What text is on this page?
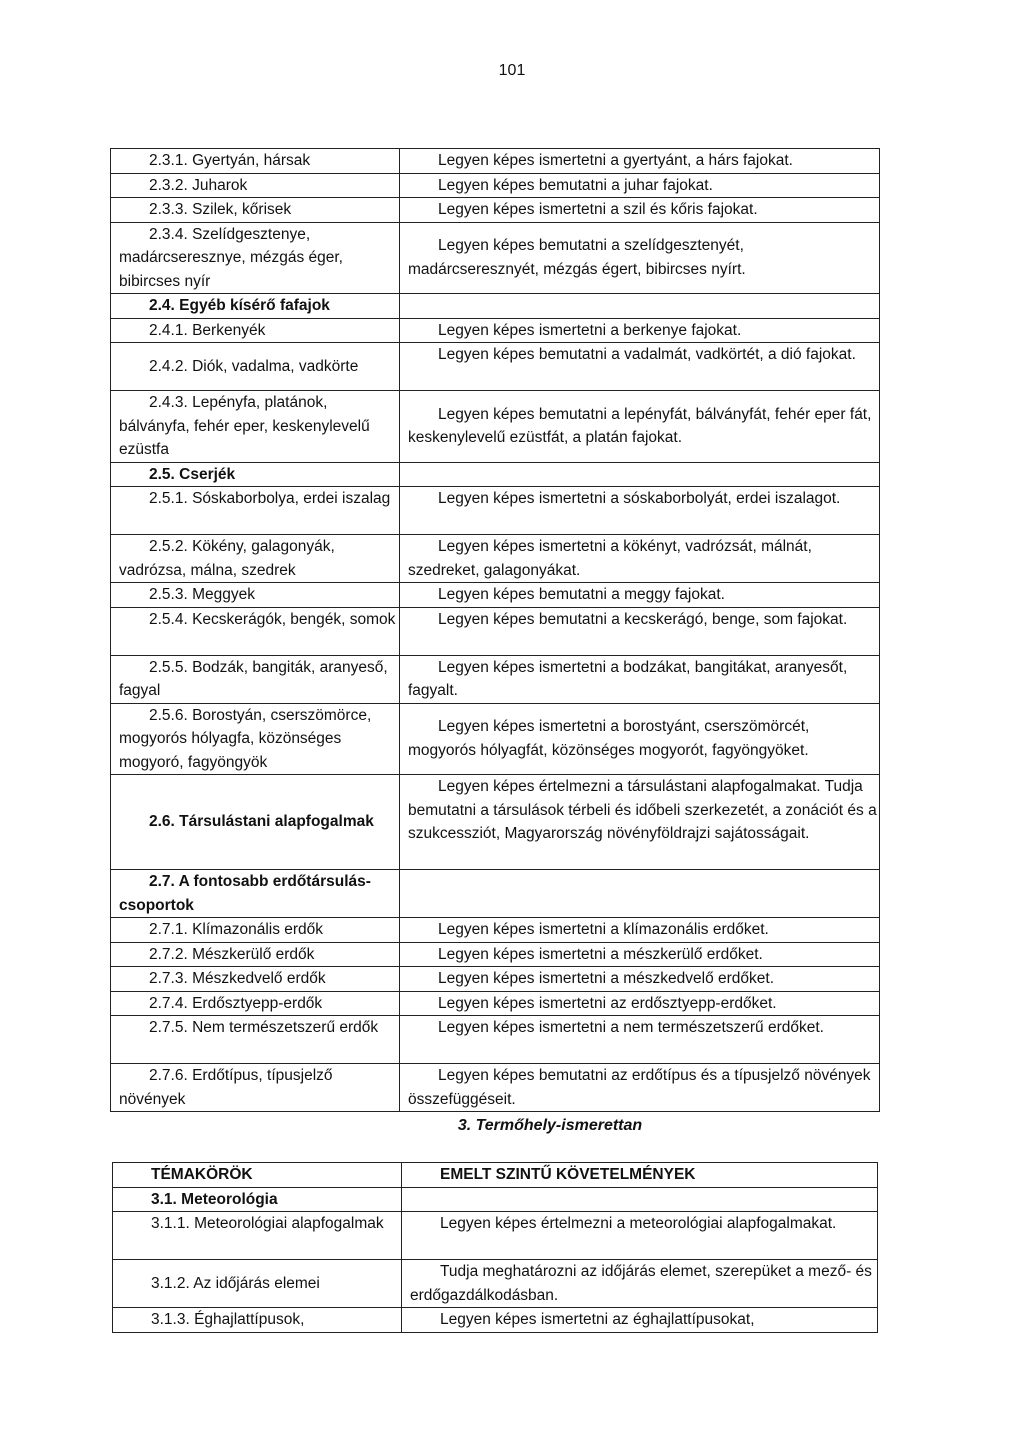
101
2.3.1. Gyertyán, hársak	Legyen képes ismertetni a gyertyánt, a hárs fajokat.
2.3.2. Juharok	Legyen képes bemutatni a juhar fajokat.
2.3.3. Szilek, kőrisek	Legyen képes ismertetni a szil és kőris fajokat.
2.3.4. Szelídgesztenye, madárcseresznye, mézgás éger, bibircses nyír	Legyen képes bemutatni a szelídgesztenyét, madárcseresznyét, mézgás égert, bibircses nyírt.
2.4. Egyéb kísérő fafajok	
2.4.1. Berkenyék	Legyen képes ismertetni a berkenye fajokat.
2.4.2. Diók, vadalma, vadkörte	Legyen képes bemutatni a vadalmát, vadkörtét, a dió fajokat.
2.4.3. Lepényfa, platánok, bálványfa, fehér eper, keskenylevelű ezüstfa	Legyen képes bemutatni a lepényfát, bálványfát, fehér eper fát, keskenylevelű ezüstfát, a platán fajokat.
2.5. Cserjék	
2.5.1. Sóskaborbolya, erdei iszalag	Legyen képes ismertetni a sóskaborbolyát, erdei iszalagot.
2.5.2. Kökény, galagonyák, vadrózsa, málna, szedrek	Legyen képes ismertetni a kökényt, vadrózsát, málnát, szedreket, galagonyákat.
2.5.3. Meggyek	Legyen képes bemutatni a meggy fajokat.
2.5.4. Kecskerágók, bengék, somok	Legyen képes bemutatni a kecskerágó, benge, som fajokat.
2.5.5. Bodzák, bangiták, aranyeső, fagyal	Legyen képes ismertetni a bodzákat, bangitákat, aranyesőt, fagyalt.
2.5.6. Borostyán, cserszömörce, mogyorós hólyagfa, közönséges mogyoró, fagyöngyök	Legyen képes ismertetni a borostyánt, cserszömörcét, mogyorós hólyagfát, közönséges mogyorót, fagyöngyöket.
2.6. Társulástani alapfogalmak	Legyen képes értelmezni a társulástani alapfogalmakat. Tudja bemutatni a társulások térbeli és időbeli szerkezetét, a zonációt és a szukcessziót, Magyarország növényföldrajzi sajátosságait.
2.7. A fontosabb erdőtársulás- csoportok	
2.7.1. Klímazonális erdők	Legyen képes ismertetni a klímazonális erdőket.
2.7.2. Mészkerülő erdők	Legyen képes ismertetni a mészkerülő erdőket.
2.7.3. Mészkedvelő erdők	Legyen képes ismertetni a mészkedvelő erdőket.
2.7.4. Erdősztyepp-erdők	Legyen képes ismertetni az erdősztyepp-erdőket.
2.7.5. Nem természetszerű erdők	Legyen képes ismertetni a nem természetszerű erdőket.
2.7.6. Erdőtípus, típusjelző növények	Legyen képes bemutatni az erdőtípus és a típusjelző növények összefüggéseit.
3. Termőhely-ismerettan
TÉMAKÖRÖK	EMELT SZINTŰ KÖVETELMÉNYEK
3.1. Meteorológia	
3.1.1. Meteorológiai alapfogalmak	Legyen képes értelmezni a meteorológiai alapfogalmakat.
3.1.2. Az időjárás elemei	Tudja meghatározni az időjárás elemet, szerepüket a mező- és erdőgazdálkodásban.
3.1.3. Éghajlattípusok,	Legyen képes ismertetni az éghajlattípusokat,
